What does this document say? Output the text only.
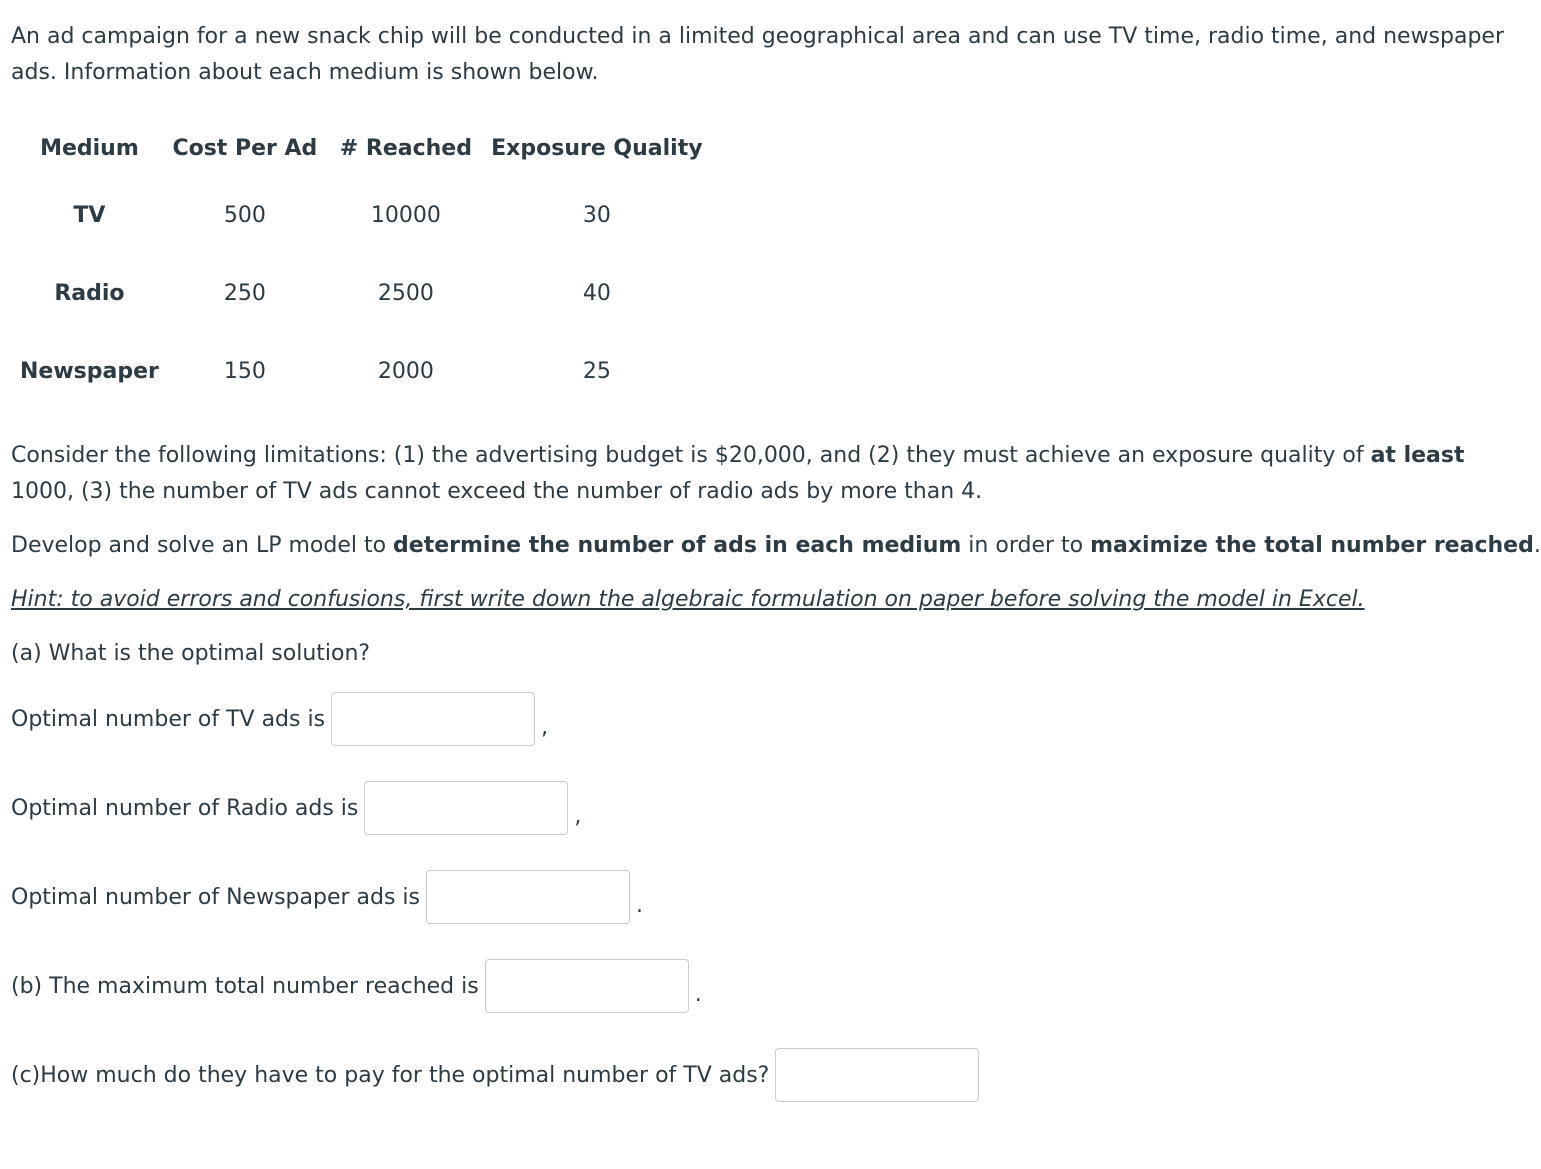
An ad campaign for a new snack chip will be conducted in a limited geographical area and can use TV time, radio time, and newspaper

ads. Information about each medium is shown below.

Medium	Cost Per Ad	# Reached	Exposure Quality
TV	500	10000	30
Radio	250	2500	40
Newspaper	150	2000	25

Consider the following limitations: (1) the advertising budget is $20,000, and (2) they must achieve an exposure quality of at least

1000, (3) the number of TV ads cannot exceed the number of radio ads by more than 4.

Develop and solve an LP model to determine the number of ads in each medium in order to maximize the total number reached.

Hint: to avoid errors and confusions, first write down the algebraic formulation on paper before solving the model in Excel.

(a) What is the optimal solution?

Optimal number of TV ads is	,
Optimal number of Radio ads is	,
Optimal number of Newspaper ads is	.
(b) The maximum total number reached is	.
(c)How much do they have to pay for the optimal number of TV ads?
